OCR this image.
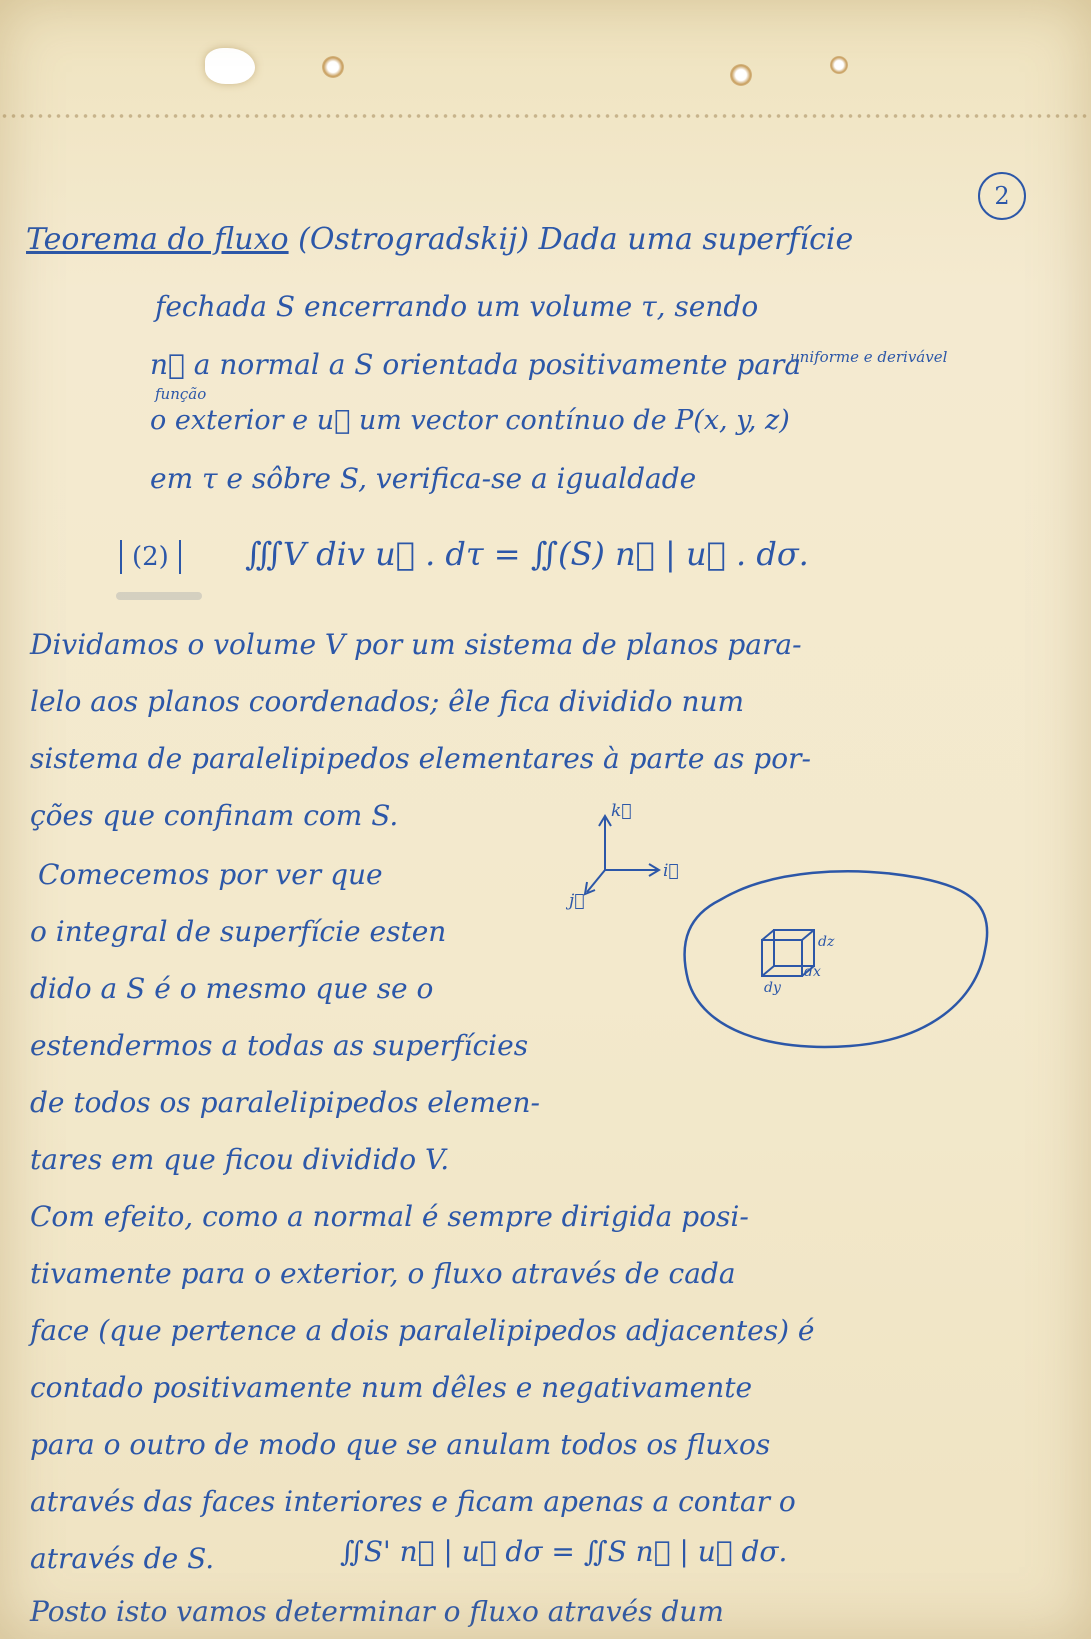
2

Teorema do fluxo (Ostrogradskij) Dada uma superfície

função

uniforme e derivável

fechada S encerrando um volume τ, sendo

n⃗ a normal a S orientada positivamente para

o exterior e u⃗ um vector contínuo de P(x, y, z)

em τ e sôbre S, verifica-se a igualdade

(2)	∭V div u⃗ . dτ = ∬(S) n⃗ | u⃗ . dσ.

Dividamos o volume V por um sistema de planos para-

lelo aos planos coordenados; êle fica dividido num

sistema de paralelipipedos elementares à parte as por-

ções que confinam com S.

Comecemos por ver que

o integral de superfície esten

dido a S é o mesmo que se o

estendermos a todas as superfícies

de todos os paralelipipedos elemen-

tares em que ficou dividido V.

Com efeito, como a normal é sempre dirigida posi-

tivamente para o exterior, o fluxo através de cada

face (que pertence a dois paralelipipedos adjacentes) é

contado positivamente num dêles e negativamente

para o outro de modo que se anulam todos os fluxos

através das faces interiores e ficam apenas a contar o

através de S.	∬S' n⃗ | u⃗ dσ = ∬S n⃗ | u⃗ dσ.

Posto isto vamos determinar o fluxo através dum

k⃗
i⃗
j⃗
dz
dx
dy
